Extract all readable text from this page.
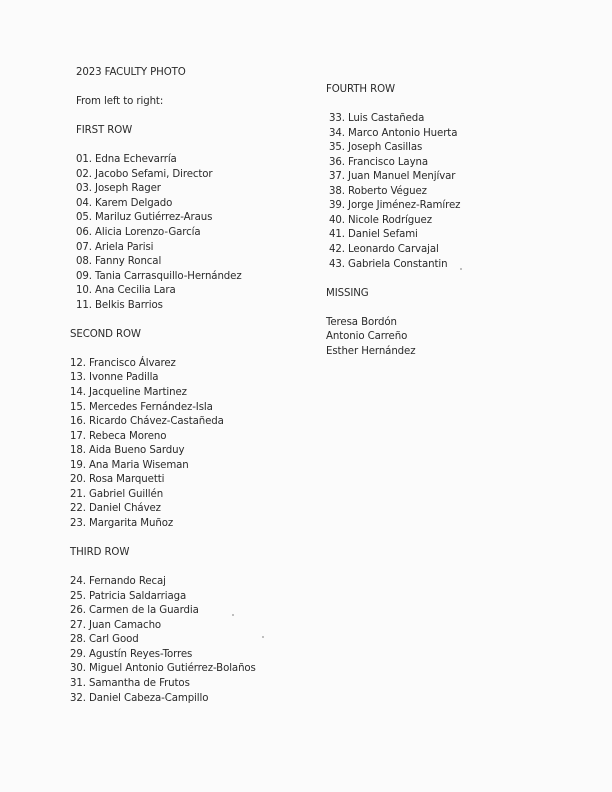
2023 FACULTY PHOTO
From left to right:
FIRST ROW
01. Edna Echevarría
02. Jacobo Sefami, Director
03. Joseph Rager
04. Karem Delgado
05. Mariluz Gutiérrez-Araus
06. Alicia Lorenzo-García
07. Ariela Parisi
08. Fanny Roncal
09. Tania Carrasquillo-Hernández
10. Ana Cecilia Lara
11. Belkis Barrios
SECOND ROW
12. Francisco Álvarez
13. Ivonne Padilla
14. Jacqueline Martinez
15. Mercedes Fernández-Isla
16. Ricardo Chávez-Castañeda
17. Rebeca Moreno
18. Aida Bueno Sarduy
19. Ana Maria Wiseman
20. Rosa Marquetti
21. Gabriel Guillén
22. Daniel Chávez
23. Margarita Muñoz
THIRD ROW
24. Fernando Recaj
25. Patricia Saldarriaga
26. Carmen de la Guardia
27. Juan Camacho
28. Carl Good
29. Agustín Reyes-Torres
30. Miguel Antonio Gutiérrez-Bolaños
31. Samantha de Frutos
32. Daniel Cabeza-Campillo
FOURTH ROW
33. Luis Castañeda
34. Marco Antonio Huerta
35. Joseph Casillas
36. Francisco Layna
37. Juan Manuel Menjívar
38. Roberto Véguez
39. Jorge Jiménez-Ramírez
40. Nicole Rodríguez
41. Daniel Sefami
42. Leonardo Carvajal
43. Gabriela Constantin
MISSING
Teresa Bordón
Antonio Carreño
Esther Hernández
